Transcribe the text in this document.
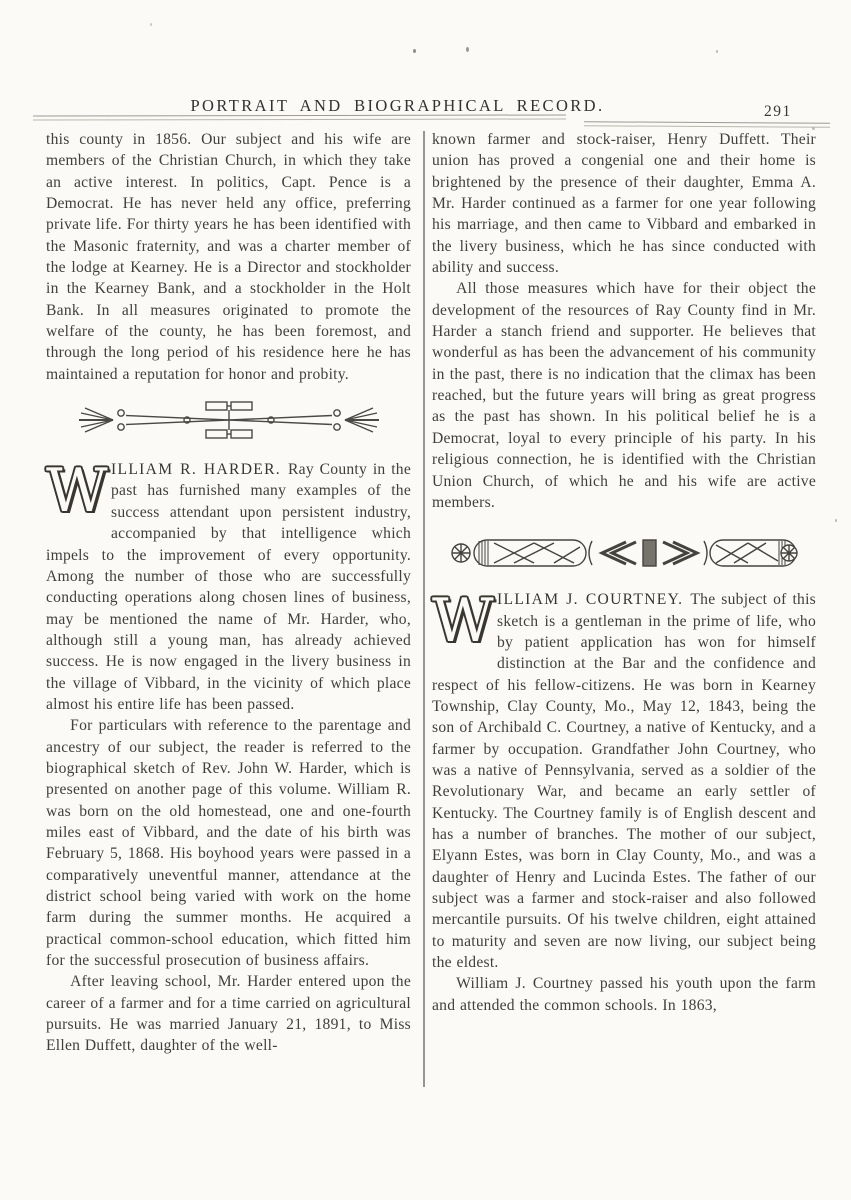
PORTRAIT AND BIOGRAPHICAL RECORD.	291

this county in 1856. Our subject and his wife are members of the Christian Church, in which they take an active interest. In politics, Capt. Pence is a Democrat. He has never held any office, preferring private life. For thirty years he has been identified with the Masonic fraternity, and was a charter member of the lodge at Kearney. He is a Director and stockholder in the Kearney Bank, and a stockholder in the Holt Bank. In all measures originated to promote the welfare of the county, he has been foremost, and through the long period of his residence here he has maintained a reputation for honor and probity.

WILLIAM R. HARDER. Ray County in the past has furnished many examples of the success attendant upon persistent industry, accompanied by that intelligence which impels to the improvement of every opportunity. Among the number of those who are successfully conducting operations along chosen lines of business, may be mentioned the name of Mr. Harder, who, although still a young man, has already achieved success. He is now engaged in the livery business in the village of Vibbard, in the vicinity of which place almost his entire life has been passed.

For particulars with reference to the parentage and ancestry of our subject, the reader is referred to the biographical sketch of Rev. John W. Harder, which is presented on another page of this volume. William R. was born on the old homestead, one and one-fourth miles east of Vibbard, and the date of his birth was February 5, 1868. His boyhood years were passed in a comparatively uneventful manner, attendance at the district school being varied with work on the home farm during the summer months. He acquired a practical common-school education, which fitted him for the successful prosecution of business affairs.

After leaving school, Mr. Harder entered upon the career of a farmer and for a time carried on agricultural pursuits. He was married January 21, 1891, to Miss Ellen Duffett, daughter of the well-

known farmer and stock-raiser, Henry Duffett. Their union has proved a congenial one and their home is brightened by the presence of their daughter, Emma A. Mr. Harder continued as a farmer for one year following his marriage, and then came to Vibbard and embarked in the livery business, which he has since conducted with ability and success.

All those measures which have for their object the development of the resources of Ray County find in Mr. Harder a stanch friend and supporter. He believes that wonderful as has been the advancement of his community in the past, there is no indication that the climax has been reached, but the future years will bring as great progress as the past has shown. In his political belief he is a Democrat, loyal to every principle of his party. In his religious connection, he is identified with the Christian Union Church, of which he and his wife are active members.

WILLIAM J. COURTNEY. The subject of this sketch is a gentleman in the prime of life, who by patient application has won for himself distinction at the Bar and the confidence and respect of his fellow-citizens. He was born in Kearney Township, Clay County, Mo., May 12, 1843, being the son of Archibald C. Courtney, a native of Kentucky, and a farmer by occupation. Grandfather John Courtney, who was a native of Pennsylvania, served as a soldier of the Revolutionary War, and became an early settler of Kentucky. The Courtney family is of English descent and has a number of branches. The mother of our subject, Elyann Estes, was born in Clay County, Mo., and was a daughter of Henry and Lucinda Estes. The father of our subject was a farmer and stock-raiser and also followed mercantile pursuits. Of his twelve children, eight attained to maturity and seven are now living, our subject being the eldest.

William J. Courtney passed his youth upon the farm and attended the common schools. In 1863,
